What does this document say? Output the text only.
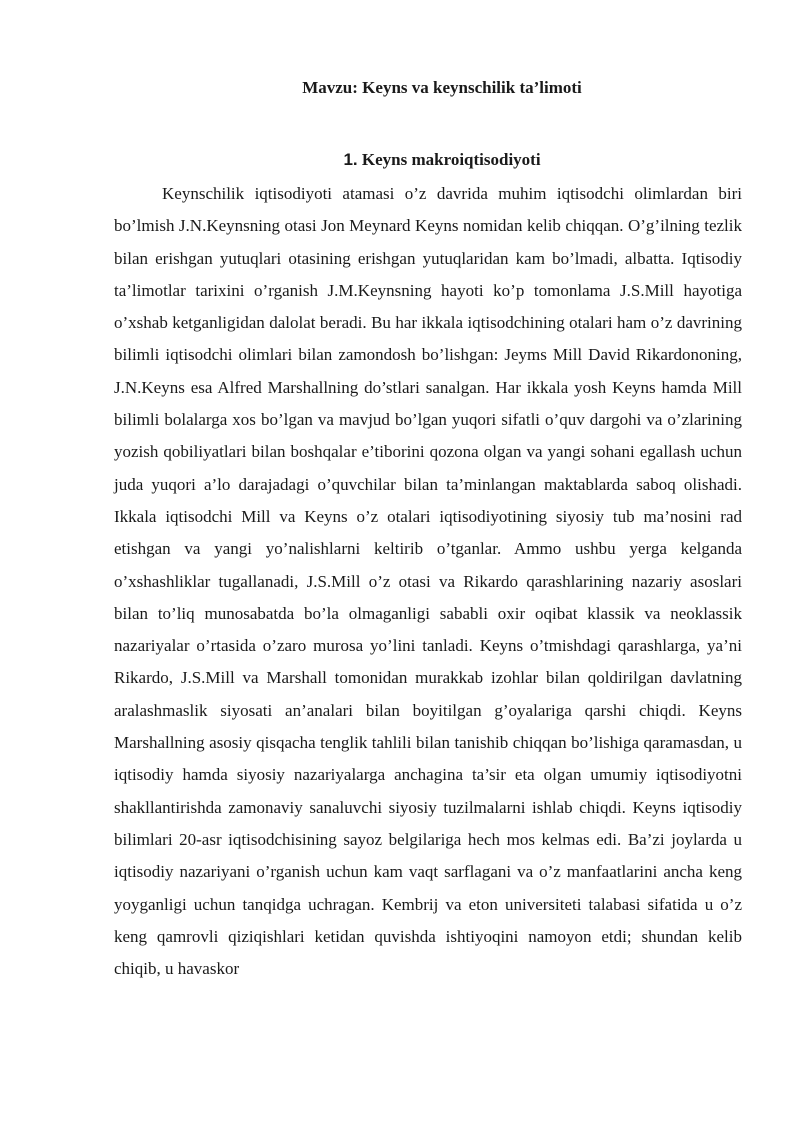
Mavzu: Keyns va keynschilik ta’limoti
1. Keyns makroiqtisodiyoti

Keynschilik iqtisodiyoti atamasi o’z davrida muhim iqtisodchi olimlardan biri bo’lmish J.N.Keynsning otasi Jon Meynard Keyns nomidan kelib chiqqan. O’g’ilning tezlik bilan erishgan yutuqlari otasining erishgan yutuqlaridan kam bo’lmadi, albatta. Iqtisodiy ta’limotlar tarixini o’rganish J.M.Keynsning hayoti ko’p tomonlama J.S.Mill hayotiga o’xshab ketganligidan dalolat beradi. Bu har ikkala iqtisodchining otalari ham o’z davrining bilimli iqtisodchi olimlari bilan zamondosh bo’lishgan: Jeyms Mill David Rikardononing, J.N.Keyns esa Alfred Marshallning do’stlari sanalgan. Har ikkala yosh Keyns hamda Mill bilimli bolalarga xos bo’lgan va mavjud bo’lgan yuqori sifatli o’quv dargohi va o’zlarining yozish qobiliyatlari bilan boshqalar e’tiborini qozona olgan va yangi sohani egallash uchun juda yuqori a’lo darajadagi o’quvchilar bilan ta’minlangan maktablarda saboq olishadi. Ikkala iqtisodchi Mill va Keyns o’z otalari iqtisodiyotining siyosiy tub ma’nosini rad etishgan va yangi yo’nalishlarni keltirib o’tganlar. Ammo ushbu yerga kelganda o’xshashliklar tugallanadi, J.S.Mill o’z otasi va Rikardo qarashlarining nazariy asoslari bilan to’liq munosabatda bo’la olmaganligi sababli oxir oqibat klassik va neoklassik nazariyalar o’rtasida o’zaro murosa yo’lini tanladi. Keyns o’tmishdagi qarashlarga, ya’ni Rikardo, J.S.Mill va Marshall tomonidan murakkab izohlar bilan qoldirilgan davlatning aralashmaslik siyosati an’analari bilan boyitilgan g’oyalariga qarshi chiqdi. Keyns Marshallning asosiy qisqacha tenglik tahlili bilan tanishib chiqqan bo’lishiga qaramasdan, u iqtisodiy hamda siyosiy nazariyalarga anchagina ta’sir eta olgan umumiy iqtisodiyotni shakllantirishda zamonaviy sanaluvchi siyosiy tuzilmalarni ishlab chiqdi. Keyns iqtisodiy bilimlari 20-asr iqtisodchisining sayoz belgilariga hech mos kelmas edi. Ba’zi joylarda u iqtisodiy nazariyani o’rganish uchun kam vaqt sarflagani va o’z manfaatlarini ancha keng yoyganligi uchun tanqidga uchragan. Kembrij va eton universiteti talabasi sifatida u o’z keng qamrovli qiziqishlari ketidan quvishda ishtiyoqini namoyon etdi; shundan kelib chiqib, u havaskor
